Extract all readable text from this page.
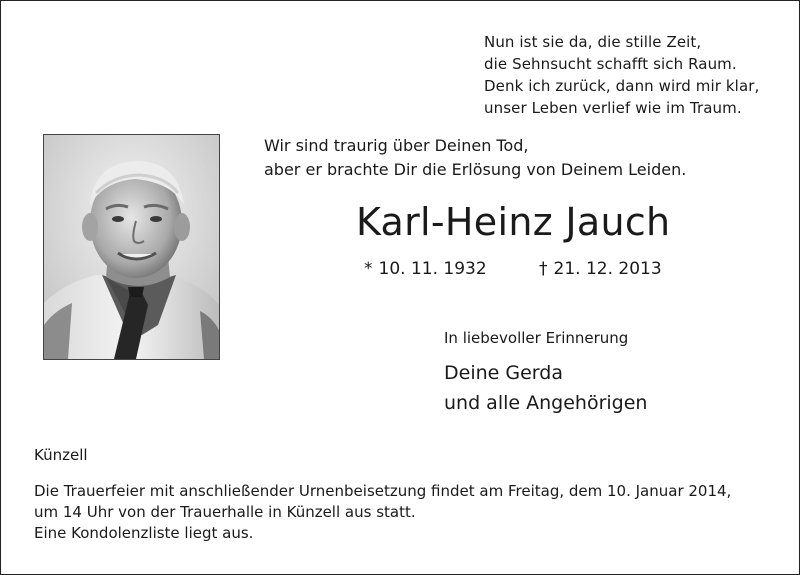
Nun ist sie da, die stille Zeit,
die Sehnsucht schafft sich Raum.
Denk ich zurück, dann wird mir klar,
unser Leben verlief wie im Traum.
Wir sind traurig über Deinen Tod,
aber er brachte Dir die Erlösung von Deinem Leiden.
Karl-Heinz Jauch
* 10. 11. 1932	† 21. 12. 2013
In liebevoller Erinnerung
Deine Gerda
und alle Angehörigen
Künzell
Die Trauerfeier mit anschließender Urnenbeisetzung findet am Freitag, dem 10. Januar 2014,
um 14 Uhr von der Trauerhalle in Künzell aus statt.
Eine Kondolenzliste liegt aus.
